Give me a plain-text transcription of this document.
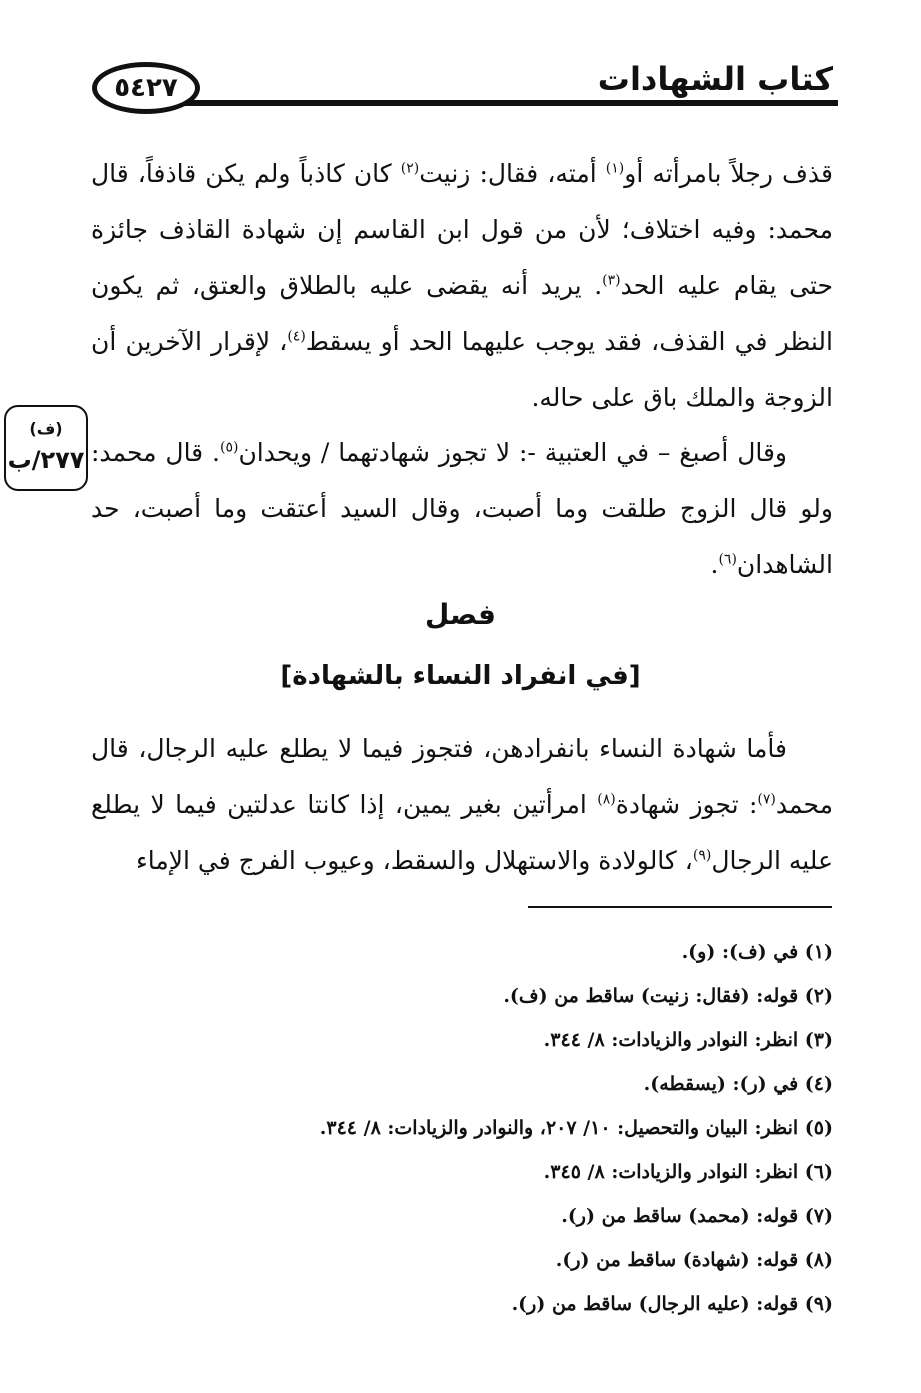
٥٤٢٧	كتاب الشهادات
قذف رجلاً بامرأته أو$^{(١)}$ أمته، فقال: زنيت$^{(٢)}$ كان كاذباً ولم يكن قاذفاً، قال محمد: وفيه اختلاف؛ لأن من قول ابن القاسم إن شهادة القاذف جائزة حتى يقام عليه الحد$^{(٣)}$. يريد أنه يقضى عليه بالطلاق والعتق، ثم يكون النظر في القذف، فقد يوجب عليهما الحد أو يسقط$^{(٤)}$، لإقرار الآخرين أن الزوجة والملك باق على حاله.
(ف)
٢٧٧/ب	وقال أصبغ – في العتبية -: لا تجوز شهادتهما / ويحدان$^{(٥)}$. قال محمد: ولو قال الزوج طلقت وما أصبت، وقال السيد أعتقت وما أصبت، حد الشاهدان$^{(٦)}$.
فصل
[في انفراد النساء بالشهادة]
فأما شهادة النساء بانفرادهن، فتجوز فيما لا يطلع عليه الرجال، قال محمد$^{(٧)}$: تجوز شهادة$^{(٨)}$ امرأتين بغير يمين، إذا كانتا عدلتين فيما لا يطلع عليه الرجال$^{(٩)}$، كالولادة والاستهلال والسقط، وعيوب الفرج في الإماء
(١) في (ف): (و).
(٢) قوله: (فقال: زنيت) ساقط من (ف).
(٣) انظر: النوادر والزيادات: ٨/ ٣٤٤.
(٤) في (ر): (يسقطه).
(٥) انظر: البيان والتحصيل: ١٠/ ٢٠٧، والنوادر والزيادات: ٨/ ٣٤٤.
(٦) انظر: النوادر والزيادات: ٨/ ٣٤٥.
(٧) قوله: (محمد) ساقط من (ر).
(٨) قوله: (شهادة) ساقط من (ر).
(٩) قوله: (عليه الرجال) ساقط من (ر).
